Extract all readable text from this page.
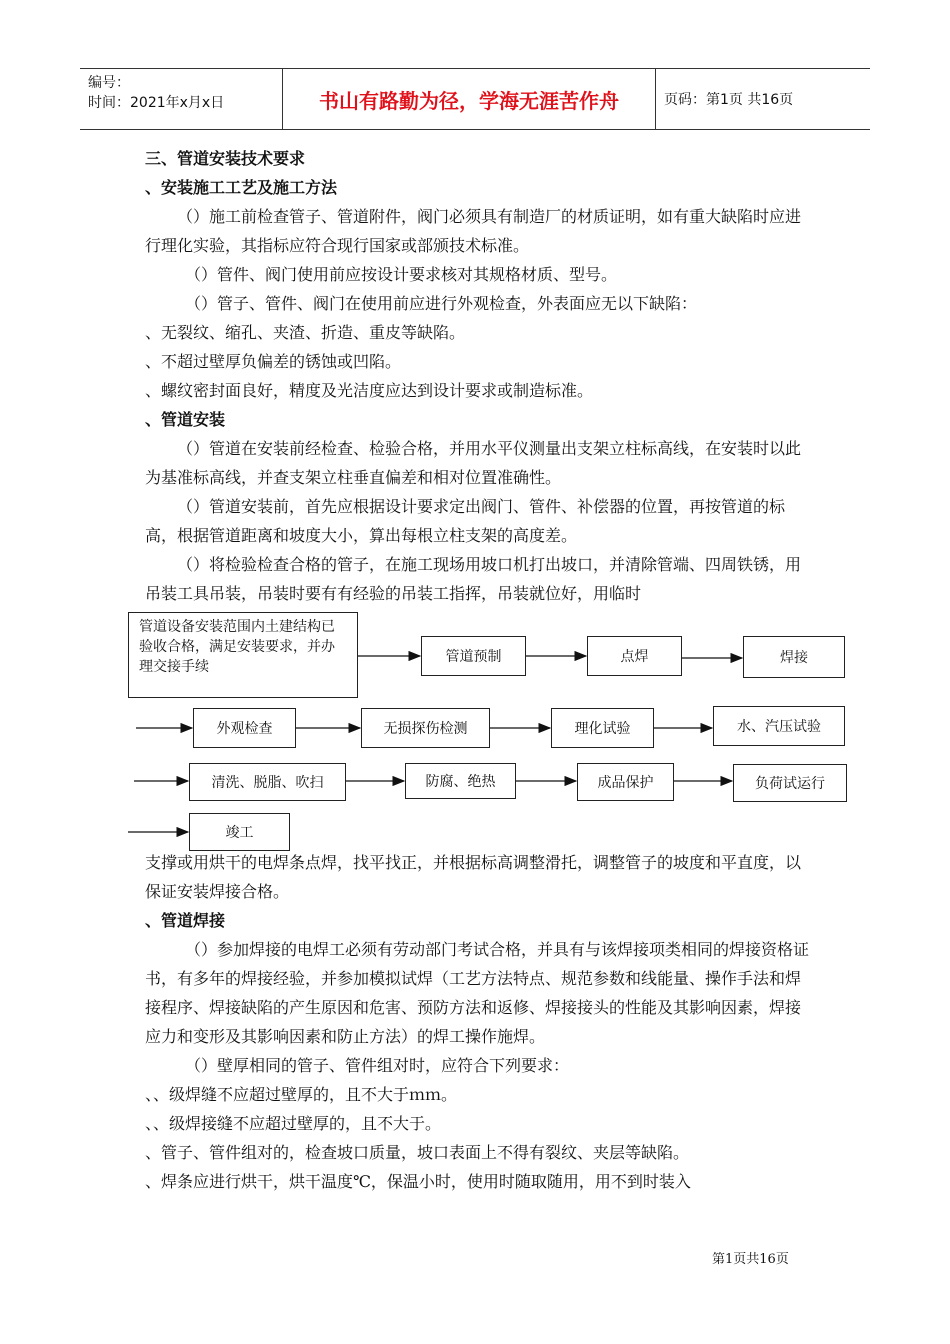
编号：
时间：2021年x月x日	书山有路勤为径，学海无涯苦作舟	页码：第1页 共16页

三、管道安装技术要求

、安装施工工艺及施工方法

（）施工前检查管子、管道附件，阀门必须具有制造厂的材质证明，如有重大缺陷时应进行理化实验，其指标应符合现行国家或部颁技术标准。

（）管件、阀门使用前应按设计要求核对其规格材质、型号。

（）管子、管件、阀门在使用前应进行外观检查，外表面应无以下缺陷：

、无裂纹、缩孔、夹渣、折造、重皮等缺陷。

、不超过壁厚负偏差的锈蚀或凹陷。

、螺纹密封面良好，精度及光洁度应达到设计要求或制造标准。

、管道安装

（）管道在安装前经检查、检验合格，并用水平仪测量出支架立柱标高线，在安装时以此为基准标高线，并查支架立柱垂直偏差和相对位置准确性。

（）管道安装前，首先应根据设计要求定出阀门、管件、补偿器的位置，再按管道的标高，根据管道距离和坡度大小，算出每根立柱支架的高度差。

（）将检验检查合格的管子，在施工现场用坡口机打出坡口，并清除管端、四周铁锈，用吊装工具吊装，吊装时要有有经验的吊装工指挥，吊装就位好，用临时

管道设备安装范围内土建结构已验收合格，满足安装要求，并办理交接手续
管道预制	点焊	焊接
外观检查	无损探伤检测	理化试验	水、汽压试验
清洗、脱脂、吹扫	防腐、绝热	成品保护	负荷试运行
竣工

支撑或用烘干的电焊条点焊，找平找正，并根据标高调整滑托，调整管子的坡度和平直度，以保证安装焊接合格。

、管道焊接

（）参加焊接的电焊工必须有劳动部门考试合格，并具有与该焊接项类相同的焊接资格证书，有多年的焊接经验，并参加模拟试焊（工艺方法特点、规范参数和线能量、操作手法和焊接程序、焊接缺陷的产生原因和危害、预防方法和返修、焊接接头的性能及其影响因素，焊接应力和变形及其影响因素和防止方法）的焊工操作施焊。

（）壁厚相同的管子、管件组对时，应符合下列要求：

、、级焊缝不应超过壁厚的，且不大于ｍｍ。

、、级焊接缝不应超过壁厚的，且不大于。

、管子、管件组对的，检查坡口质量，坡口表面上不得有裂纹、夹层等缺陷。

、焊条应进行烘干，烘干温度℃，保温小时，使用时随取随用，用不到时装入

第1页共16页
